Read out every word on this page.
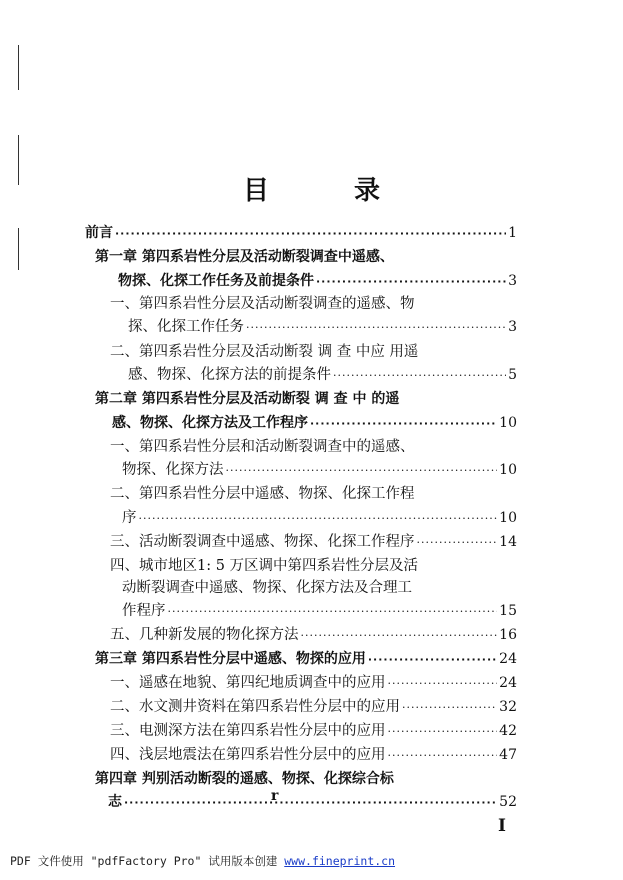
目 录
前言 ·····	1
第一章 第四系岩性分层及活动断裂调查中遥感、
物探、化探工作任务及前提条件 ·····	3
一、第四系岩性分层及活动断裂调查的遥感、物
探、化探工作任务 ·····	3
二、第四系岩性分层及活动断裂 调 查 中应 用遥
感、物探、化探方法的前提条件 ·····	5
第二章 第四系岩性分层及活动断裂 调 查 中 的遥
感、物探、化探方法及工作程序 ·····	10
一、第四系岩性分层和活动断裂调查中的遥感、
物探、化探方法 ·····	10
二、第四系岩性分层中遥感、物探、化探工作程
序 ·····	10
三、活动断裂调查中遥感、物探、化探工作程序 ·····	14
四、城市地区1: 5 万区调中第四系岩性分层及活
动断裂调查中遥感、物探、化探方法及合理工
作程序 ·····	15
五、几种新发展的物化探方法 ·····	16
第三章 第四系岩性分层中遥感、物探的应用 ·····	24
一、遥感在地貌、第四纪地质调查中的应用 ·····	24
二、水文测井资料在第四系岩性分层中的应用 ·····	32
三、电测深方法在第四系岩性分层中的应用 ·····	42
四、浅层地震法在第四系岩性分层中的应用 ·····	47
第四章 判别活动断裂的遥感、物探、化探综合标
志 ·····	52
r
I
PDF 文件使用 "pdfFactory Pro" 试用版本创建 www.fineprint.cn
